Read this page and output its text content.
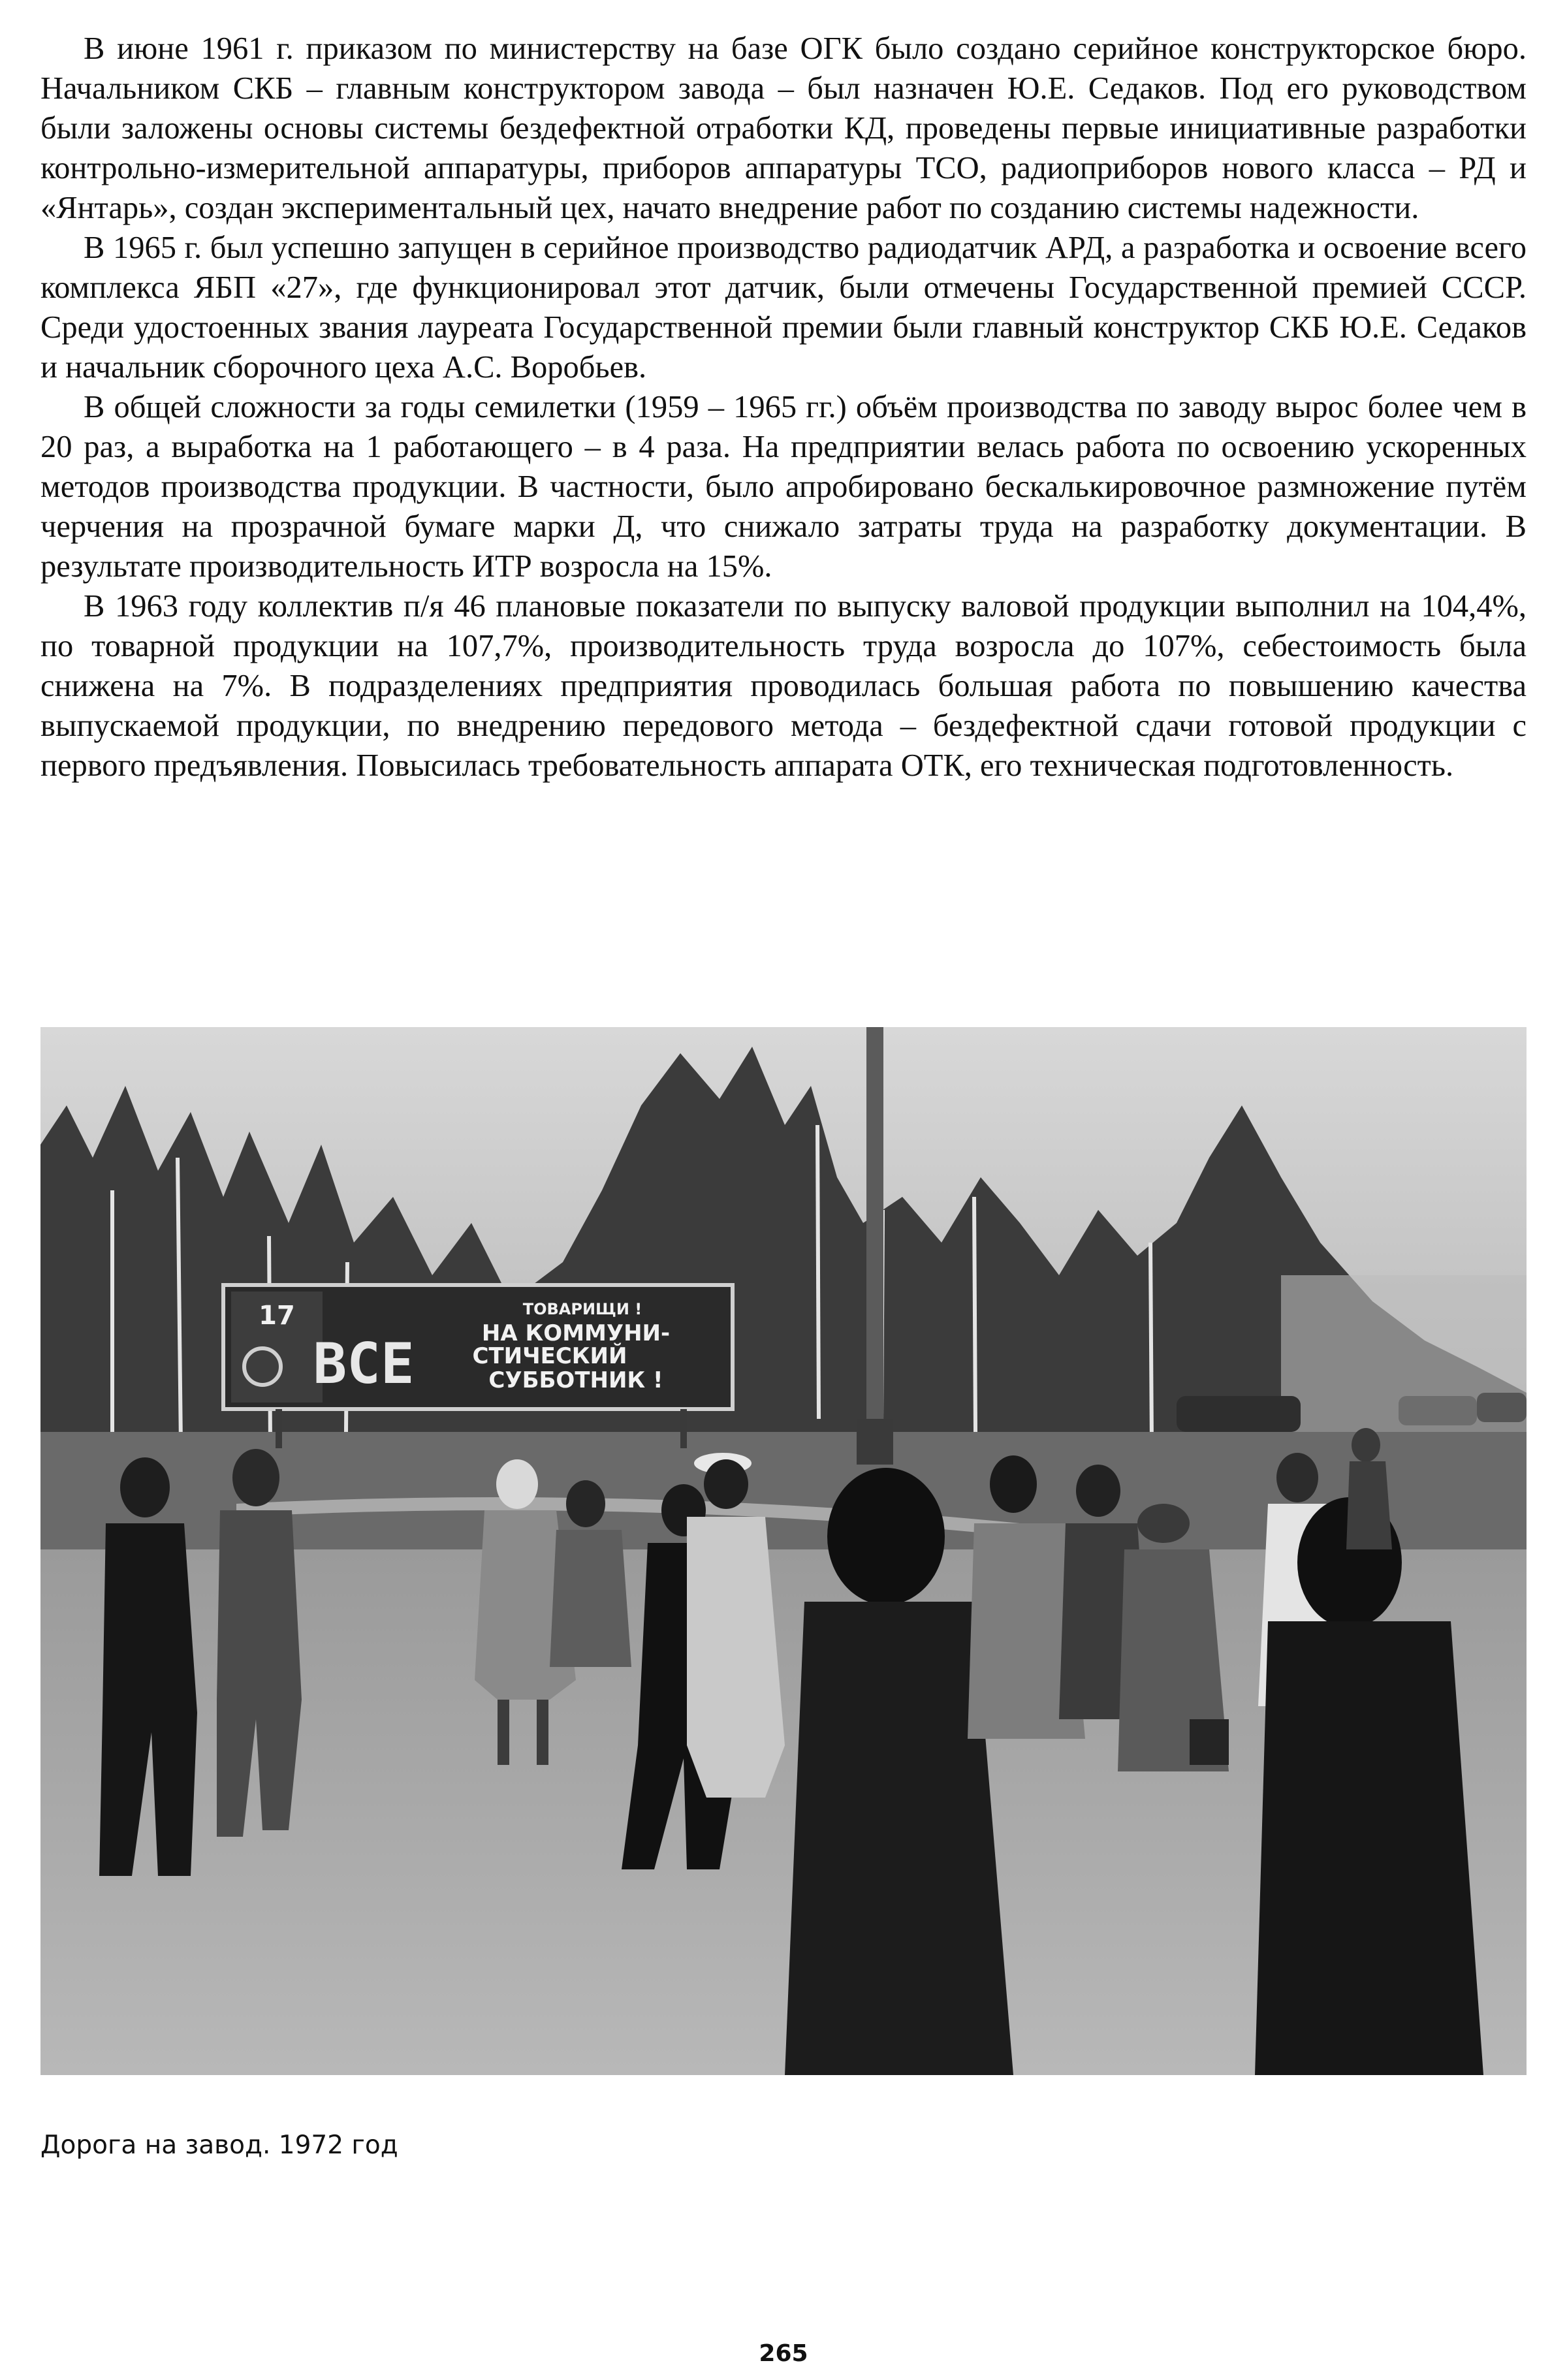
В июне 1961 г. приказом по министерству на базе ОГК было создано серийное конструкторское бюро. Начальником СКБ – главным конструктором завода – был назначен Ю.Е. Седаков. Под его руководством были заложены основы системы бездефектной отработки КД, проведены первые инициативные разработки контрольно-измерительной аппаратуры, приборов аппаратуры ТСО, радиоприборов нового класса – РД и «Янтарь», создан экспериментальный цех, начато внедрение работ по созданию системы надежности.

В 1965 г. был успешно запущен в серийное производство радиодатчик АРД, а разработка и освоение всего комплекса ЯБП «27», где функционировал этот датчик, были отмечены Государственной премией СССР. Среди удостоенных звания лауреата Государственной премии были главный конструктор СКБ Ю.Е. Седаков и начальник сборочного цеха А.С. Воробьев.

В общей сложности за годы семилетки (1959 – 1965 гг.) объём производства по заводу вырос более чем в 20 раз, а выработка на 1 работающего – в 4 раза. На предприятии велась работа по освоению ускоренных методов производства продукции. В частности, было апробировано бескалькировочное размножение путём черчения на прозрачной бумаге марки Д, что снижало затраты труда на разработку документации. В результате производительность ИТР возросла на 15%.

В 1963 году коллектив п/я 46 плановые показатели по выпуску валовой продукции выполнил на 104,4%, по товарной продукции на 107,7%, производительность труда возросла до 107%, себестоимость была снижена на 7%. В подразделениях предприятия проводилась большая работа по повышению качества выпускаемой продукции, по внедрению передового метода – бездефектной сдачи готовой продукции с первого предъявления. Повысилась требовательность аппарата ОТК, его техническая подготовленность.

17
ВСЕ
ТОВАРИЩИ !
НА КОММУНИ-
СТИЧЕСКИЙ
СУББОТНИК !
Дорога на завод. 1972 год
265
